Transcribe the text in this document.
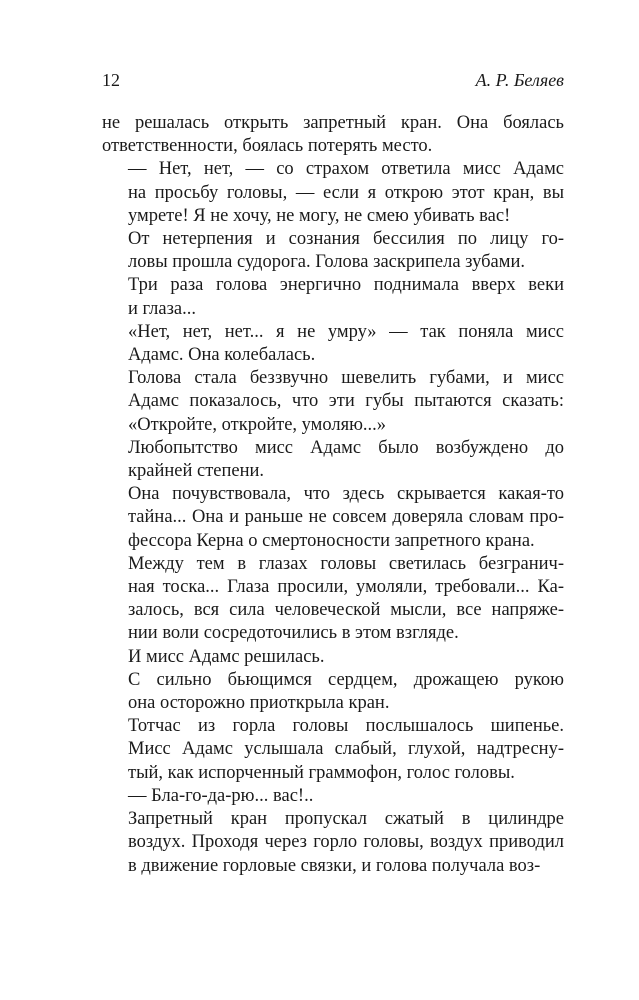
12	А. Р. Беляев

не решалась открыть запретный кран. Она боялась
ответственности, боялась потерять место.

— Нет, нет, — со страхом ответила мисс Адамс
на просьбу головы, — если я открою этот кран, вы
умрете! Я не хочу, не могу, не смею убивать вас!

От нетерпения и сознания бессилия по лицу го-
ловы прошла судорога. Голова заскрипела зубами.

Три раза голова энергично поднимала вверх веки
и глаза...

«Нет, нет, нет... я не умру» — так поняла мисс
Адамс. Она колебалась.

Голова стала беззвучно шевелить губами, и мисс
Адамс показалось, что эти губы пытаются сказать:
«Откройте, откройте, умоляю...»

Любопытство мисс Адамс было возбуждено до
крайней степени.

Она почувствовала, что здесь скрывается какая-то
тайна... Она и раньше не совсем доверяла словам про-
фессора Керна о смертоносности запретного крана.

Между тем в глазах головы светилась безгранич-
ная тоска... Глаза просили, умоляли, требовали... Ка-
залось, вся сила человеческой мысли, все напряже-
нии воли сосредоточились в этом взгляде.

И мисс Адамс решилась.

С сильно бьющимся сердцем, дрожащею рукою
она осторожно приоткрыла кран.

Тотчас из горла головы послышалось шипенье.
Мисс Адамс услышала слабый, глухой, надтресну-
тый, как испорченный граммофон, голос головы.

— Бла-го-да-рю... вас!..

Запретный кран пропускал сжатый в цилиндре
воздух. Проходя через горло головы, воздух приводил
в движение горловые связки, и голова получала воз-
